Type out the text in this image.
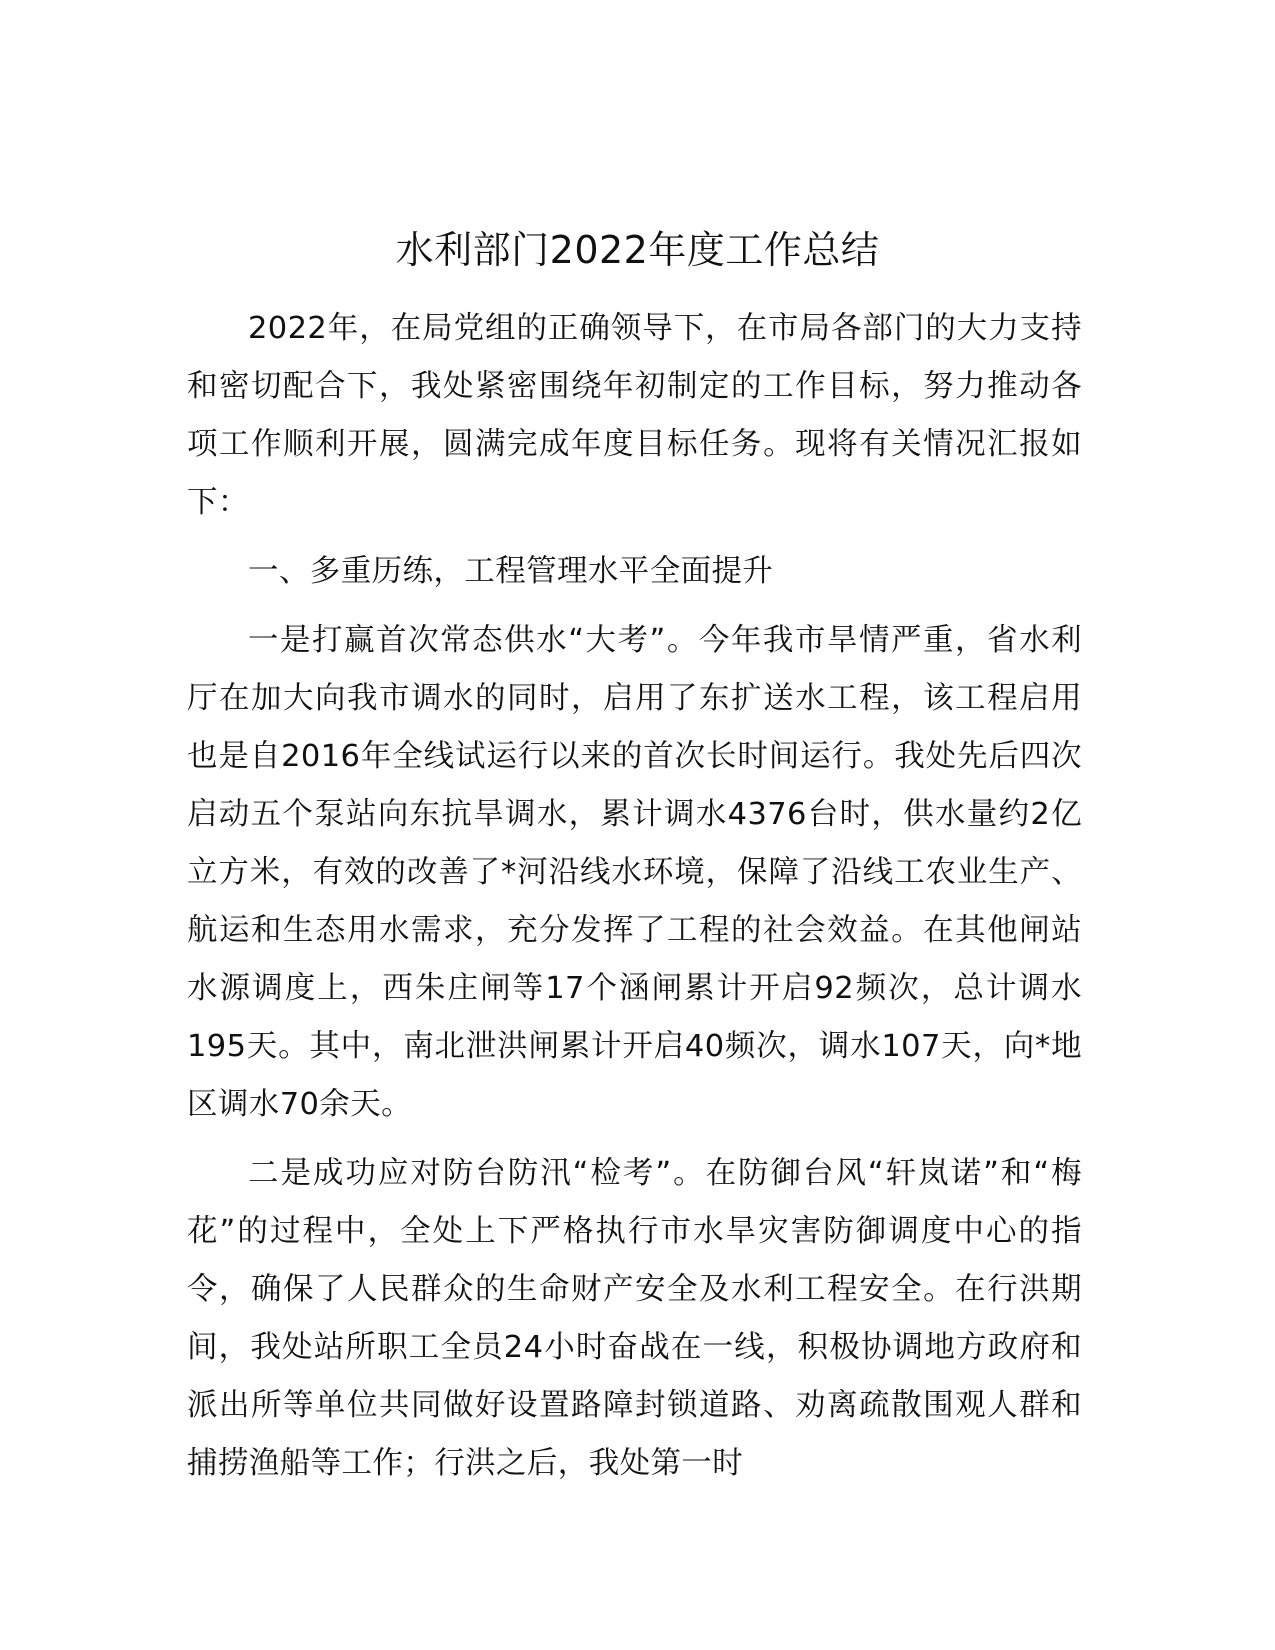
水利部门2022年度工作总结

2022年，在局党组的正确领导下，在市局各部门的大力支持和密切配合下，我处紧密围绕年初制定的工作目标，努力推动各项工作顺利开展，圆满完成年度目标任务。现将有关情况汇报如下：

一、多重历练，工程管理水平全面提升

一是打赢首次常态供水“大考”。今年我市旱情严重，省水利厅在加大向我市调水的同时，启用了东扩送水工程，该工程启用也是自2016年全线试运行以来的首次长时间运行。我处先后四次启动五个泵站向东抗旱调水，累计调水4376台时，供水量约2亿立方米，有效的改善了*河沿线水环境，保障了沿线工农业生产、航运和生态用水需求，充分发挥了工程的社会效益。在其他闸站水源调度上，西朱庄闸等17个涵闸累计开启92频次，总计调水195天。其中，南北泄洪闸累计开启40频次，调水107天，向*地区调水70余天。

二是成功应对防台防汛“检考”。在防御台风“轩岚诺”和“梅花”的过程中，全处上下严格执行市水旱灾害防御调度中心的指令，确保了人民群众的生命财产安全及水利工程安全。在行洪期间，我处站所职工全员24小时奋战在一线，积极协调地方政府和派出所等单位共同做好设置路障封锁道路、劝离疏散围观人群和捕捞渔船等工作；行洪之后，我处第一时
